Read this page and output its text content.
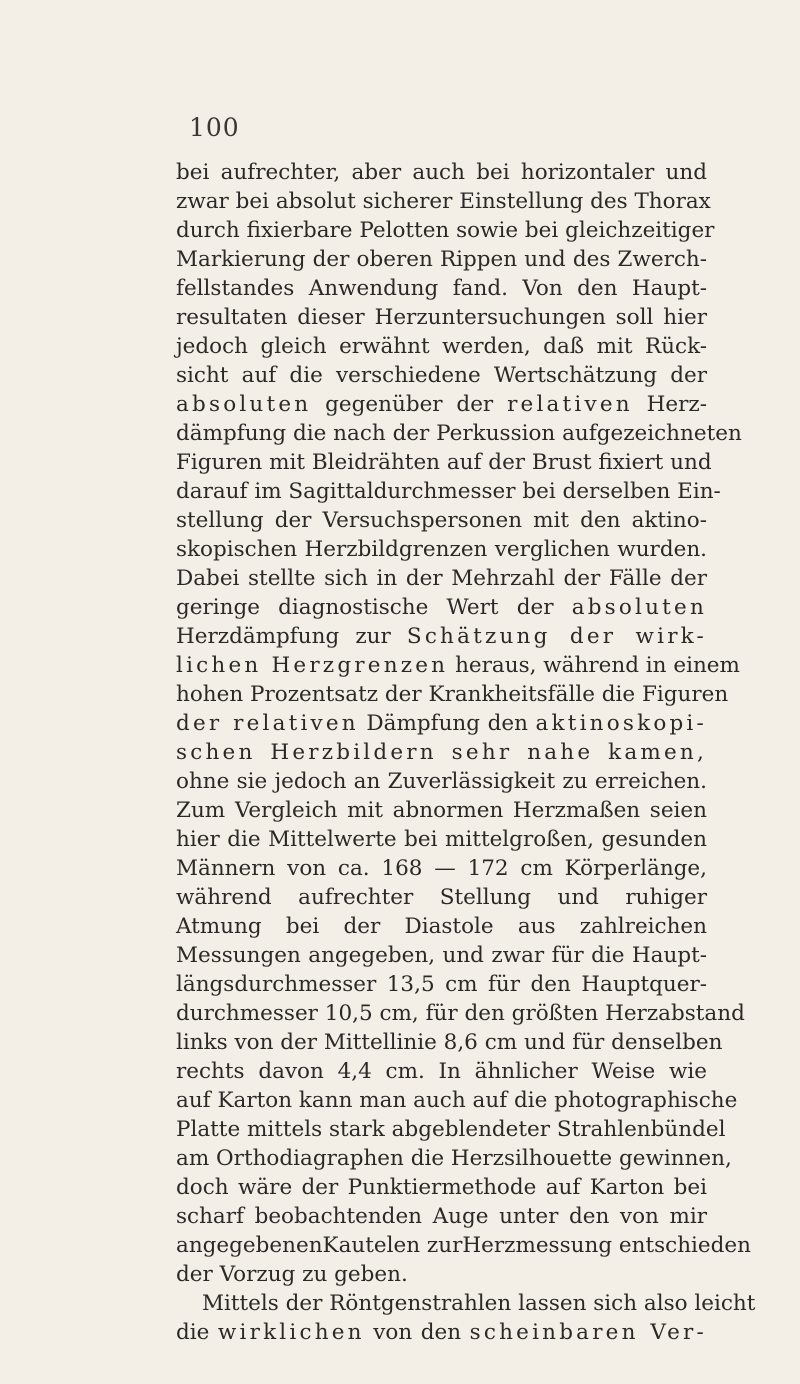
100
bei aufrechter, aber auch bei horizontaler und
zwar bei absolut sicherer Einstellung des Thorax
durch fixierbare Pelotten sowie bei gleichzeitiger
Markierung der oberen Rippen und des Zwerch-
fellstandes Anwendung fand. Von den Haupt-
resultaten dieser Herzuntersuchungen soll hier
jedoch gleich erwähnt werden, daß mit Rück-
sicht auf die verschiedene Wertschätzung der
absoluten gegenüber der relativen Herz-
dämpfung die nach der Perkussion aufgezeichneten
Figuren mit Bleidrähten auf der Brust fixiert und
darauf im Sagittaldurchmesser bei derselben Ein-
stellung der Versuchspersonen mit den aktino-
skopischen Herzbildgrenzen verglichen wurden.
Dabei stellte sich in der Mehrzahl der Fälle der
geringe diagnostische Wert der absoluten
Herzdämpfung zur Schätzung der wirk-
lichen Herzgrenzen heraus, während in einem
hohen Prozentsatz der Krankheitsfälle die Figuren
der relativen Dämpfung den aktinoskopi-
schen Herzbildern sehr nahe kamen,
ohne sie jedoch an Zuverlässigkeit zu erreichen.
Zum Vergleich mit abnormen Herzmaßen seien
hier die Mittelwerte bei mittelgroßen, gesunden
Männern von ca. 168 — 172 cm Körperlänge,
während aufrechter Stellung und ruhiger
Atmung bei der Diastole aus zahlreichen
Messungen angegeben, und zwar für die Haupt-
längsdurchmesser 13,5 cm für den Hauptquer-
durchmesser 10,5 cm, für den größten Herzabstand
links von der Mittellinie 8,6 cm und für denselben
rechts davon 4,4 cm. In ähnlicher Weise wie
auf Karton kann man auch auf die photographische
Platte mittels stark abgeblendeter Strahlenbündel
am Orthodiagraphen die Herzsilhouette gewinnen,
doch wäre der Punktiermethode auf Karton bei
scharf beobachtenden Auge unter den von mir
angegebenenKautelen zurHerzmessung entschieden
der Vorzug zu geben.
Mittels der Röntgenstrahlen lassen sich also leicht
die wirklichen von den scheinbaren Ver-
